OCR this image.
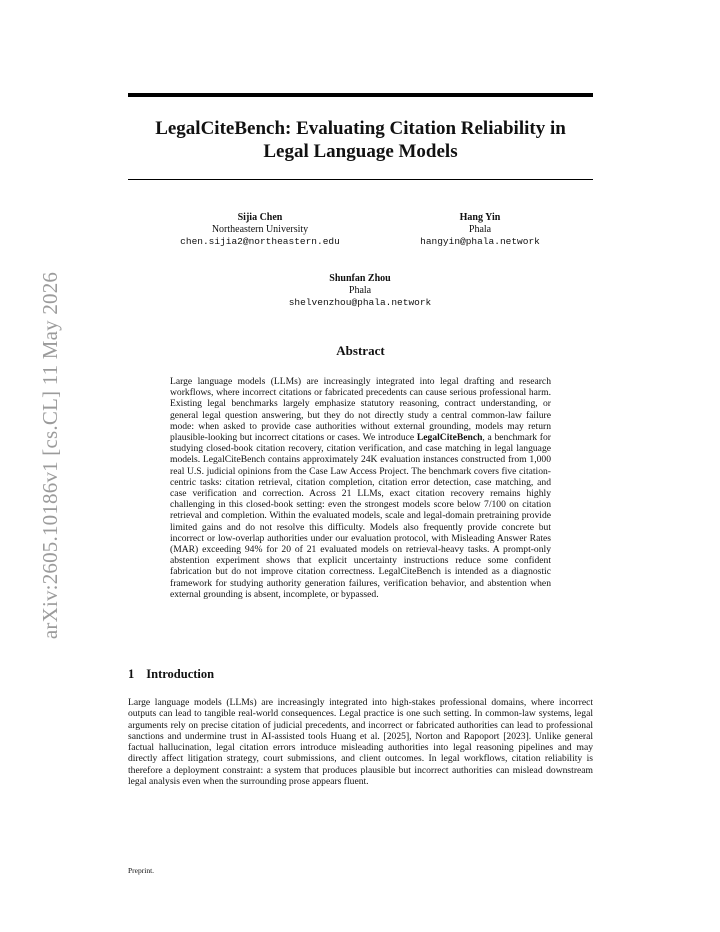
arXiv:2605.10186v1 [cs.CL] 11 May 2026
LegalCiteBench: Evaluating Citation Reliability in
Legal Language Models
Sijia Chen
Northeastern University
chen.sijia2@northeastern.edu
Hang Yin
Phala
hangyin@phala.network
Shunfan Zhou
Phala
shelvenzhou@phala.network
Abstract
Large language models (LLMs) are increasingly integrated into legal drafting and research workflows, where incorrect citations or fabricated precedents can cause serious professional harm. Existing legal benchmarks largely emphasize statutory reasoning, contract understanding, or general legal question answering, but they do not directly study a central common-law failure mode: when asked to provide case authorities without external grounding, models may return plausible-looking but incorrect citations or cases. We introduce LegalCiteBench, a benchmark for studying closed-book citation recovery, citation verification, and case matching in legal language models. LegalCiteBench contains approximately 24K evaluation instances constructed from 1,000 real U.S. judicial opinions from the Case Law Access Project. The benchmark covers five citation-centric tasks: citation retrieval, citation completion, citation error detection, case matching, and case verification and correction. Across 21 LLMs, exact citation recovery remains highly challenging in this closed-book setting: even the strongest models score below 7/100 on citation retrieval and completion. Within the evaluated models, scale and legal-domain pretraining provide limited gains and do not resolve this difficulty. Models also frequently provide concrete but incorrect or low-overlap authorities under our evaluation protocol, with Misleading Answer Rates (MAR) exceeding 94% for 20 of 21 evaluated models on retrieval-heavy tasks. A prompt-only abstention experiment shows that explicit uncertainty instructions reduce some confident fabrication but do not improve citation correctness. LegalCiteBench is intended as a diagnostic framework for studying authority generation failures, verification behavior, and abstention when external grounding is absent, incomplete, or bypassed.
1 Introduction
Large language models (LLMs) are increasingly integrated into high-stakes professional domains, where incorrect outputs can lead to tangible real-world consequences. Legal practice is one such setting. In common-law systems, legal arguments rely on precise citation of judicial precedents, and incorrect or fabricated authorities can lead to professional sanctions and undermine trust in AI-assisted tools Huang et al. [2025], Norton and Rapoport [2023]. Unlike general factual hallucination, legal citation errors introduce misleading authorities into legal reasoning pipelines and may directly affect litigation strategy, court submissions, and client outcomes. In legal workflows, citation reliability is therefore a deployment constraint: a system that produces plausible but incorrect authorities can mislead downstream legal analysis even when the surrounding prose appears fluent.
Preprint.
